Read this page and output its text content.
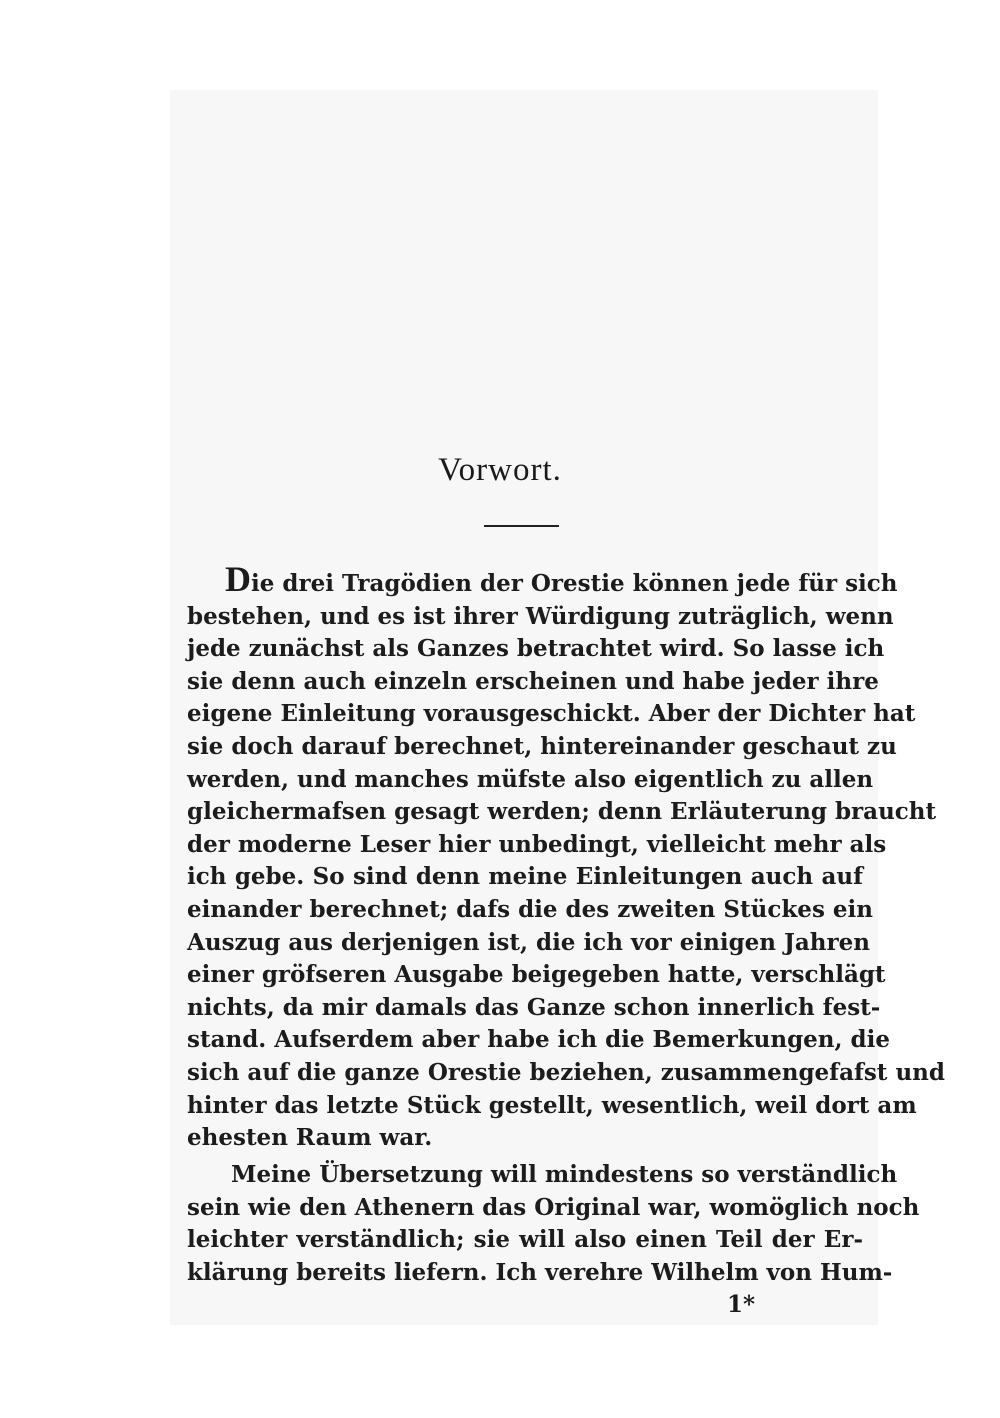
Vorwort.
Die drei Tragödien der Orestie können jede für sich
bestehen, und es ist ihrer Würdigung zuträglich, wenn
jede zunächst als Ganzes betrachtet wird. So lasse ich
sie denn auch einzeln erscheinen und habe jeder ihre
eigene Einleitung vorausgeschickt. Aber der Dichter hat
sie doch darauf berechnet, hintereinander geschaut zu
werden, und manches müfste also eigentlich zu allen
gleichermafsen gesagt werden; denn Erläuterung braucht
der moderne Leser hier unbedingt, vielleicht mehr als
ich gebe. So sind denn meine Einleitungen auch auf
einander berechnet; dafs die des zweiten Stückes ein
Auszug aus derjenigen ist, die ich vor einigen Jahren
einer gröfseren Ausgabe beigegeben hatte, verschlägt
nichts, da mir damals das Ganze schon innerlich fest-
stand. Aufserdem aber habe ich die Bemerkungen, die
sich auf die ganze Orestie beziehen, zusammengefafst und
hinter das letzte Stück gestellt, wesentlich, weil dort am
ehesten Raum war.
Meine Übersetzung will mindestens so verständlich
sein wie den Athenern das Original war, womöglich noch
leichter verständlich; sie will also einen Teil der Er-
klärung bereits liefern. Ich verehre Wilhelm von Hum-
1*
